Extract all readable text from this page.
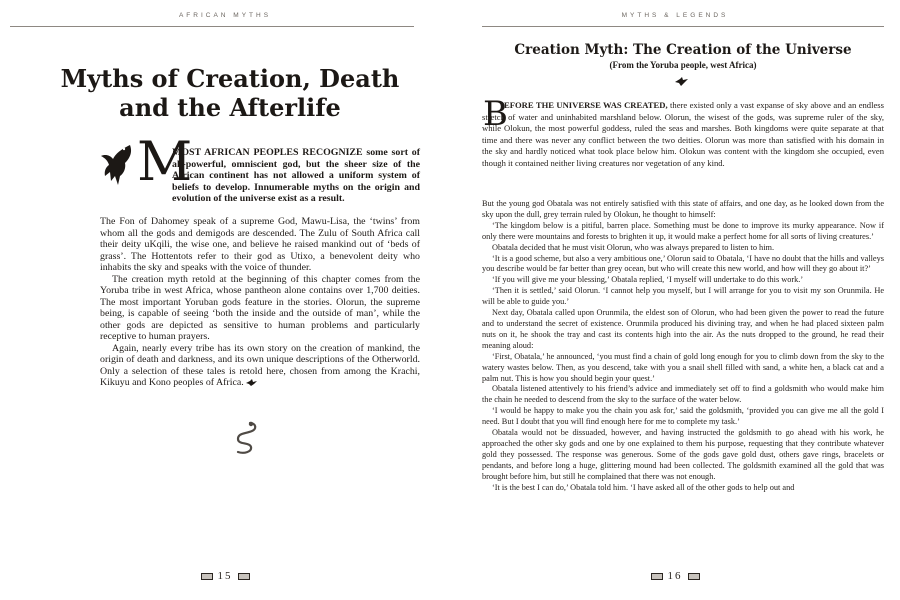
AFRICAN MYTHS
Myths of Creation, Death and the Afterlife
M
MOST AFRICAN PEOPLES RECOGNIZE some sort of all-powerful, omniscient god, but the sheer size of the African continent has not allowed a uniform system of beliefs to develop. Innumerable myths on the origin and evolution of the universe exist as a result.

The Fon of Dahomey speak of a supreme God, Mawu-Lisa, the ‘twins’ from whom all the gods and demigods are descended. The Zulu of South Africa call their deity uKqili, the wise one, and believe he raised mankind out of ‘beds of grass’. The Hottentots refer to their god as Utixo, a benevolent deity who inhabits the sky and speaks with the voice of thunder.

The creation myth retold at the beginning of this chapter comes from the Yoruba tribe in west Africa, whose pantheon alone contains over 1,700 deities. The most important Yoruban gods feature in the stories. Olorun, the supreme being, is capable of seeing ‘both the inside and the outside of man’, while the other gods are depicted as sensitive to human problems and particularly receptive to human prayers.

Again, nearly every tribe has its own story on the creation of mankind, the origin of death and darkness, and its own unique descriptions of the Otherworld. Only a selection of these tales is retold here, chosen from among the Krachi, Kikuyu and Kono peoples of Africa.

15
MYTHS & LEGENDS
Creation Myth: The Creation of the Universe
(From the Yoruba people, west Africa)
EFORE THE UNIVERSE WAS CREATED, there existed only a vast expanse of sky above and an endless stretch of water and uninhabited marshland below. Olorun, the wisest of the gods, was supreme ruler of the sky, while Olokun, the most powerful goddess, ruled the seas and marshes. Both kingdoms were quite separate at that time and there was never any conflict between the two deities. Olorun was more than satisfied with his domain in the sky and hardly noticed what took place below him. Olokun was content with the kingdom she occupied, even though it contained neither living creatures nor vegetation of any kind.

But the young god Obatala was not entirely satisfied with this state of affairs, and one day, as he looked down from the sky upon the dull, grey terrain ruled by Olokun, he thought to himself:

‘The kingdom below is a pitiful, barren place. Something must be done to improve its murky appearance. Now if only there were mountains and forests to brighten it up, it would make a perfect home for all sorts of living creatures.’

Obatala decided that he must visit Olorun, who was always prepared to listen to him.

‘It is a good scheme, but also a very ambitious one,’ Olorun said to Obatala, ‘I have no doubt that the hills and valleys you describe would be far better than grey ocean, but who will create this new world, and how will they go about it?’

‘If you will give me your blessing,’ Obatala replied, ‘I myself will undertake to do this work.’

‘Then it is settled,’ said Olorun. ‘I cannot help you myself, but I will arrange for you to visit my son Orunmila. He will be able to guide you.’

Next day, Obatala called upon Orunmila, the eldest son of Olorun, who had been given the power to read the future and to understand the secret of existence. Orunmila produced his divining tray, and when he had placed sixteen palm nuts on it, he shook the tray and cast its contents high into the air. As the nuts dropped to the ground, he read their meaning aloud:

‘First, Obatala,’ he announced, ‘you must find a chain of gold long enough for you to climb down from the sky to the watery wastes below. Then, as you descend, take with you a snail shell filled with sand, a white hen, a black cat and a palm nut. This is how you should begin your quest.’

Obatala listened attentively to his friend’s advice and immediately set off to find a goldsmith who would make him the chain he needed to descend from the sky to the surface of the water below.

‘I would be happy to make you the chain you ask for,’ said the goldsmith, ‘provided you can give me all the gold I need. But I doubt that you will find enough here for me to complete my task.’

Obatala would not be dissuaded, however, and having instructed the goldsmith to go ahead with his work, he approached the other sky gods and one by one explained to them his purpose, requesting that they contribute whatever gold they possessed. The response was generous. Some of the gods gave gold dust, others gave rings, bracelets or pendants, and before long a huge, glittering mound had been collected. The goldsmith examined all the gold that was brought before him, but still he complained that there was not enough.

‘It is the best I can do,’ Obatala told him. ‘I have asked all of the other gods to help out and

16
B
